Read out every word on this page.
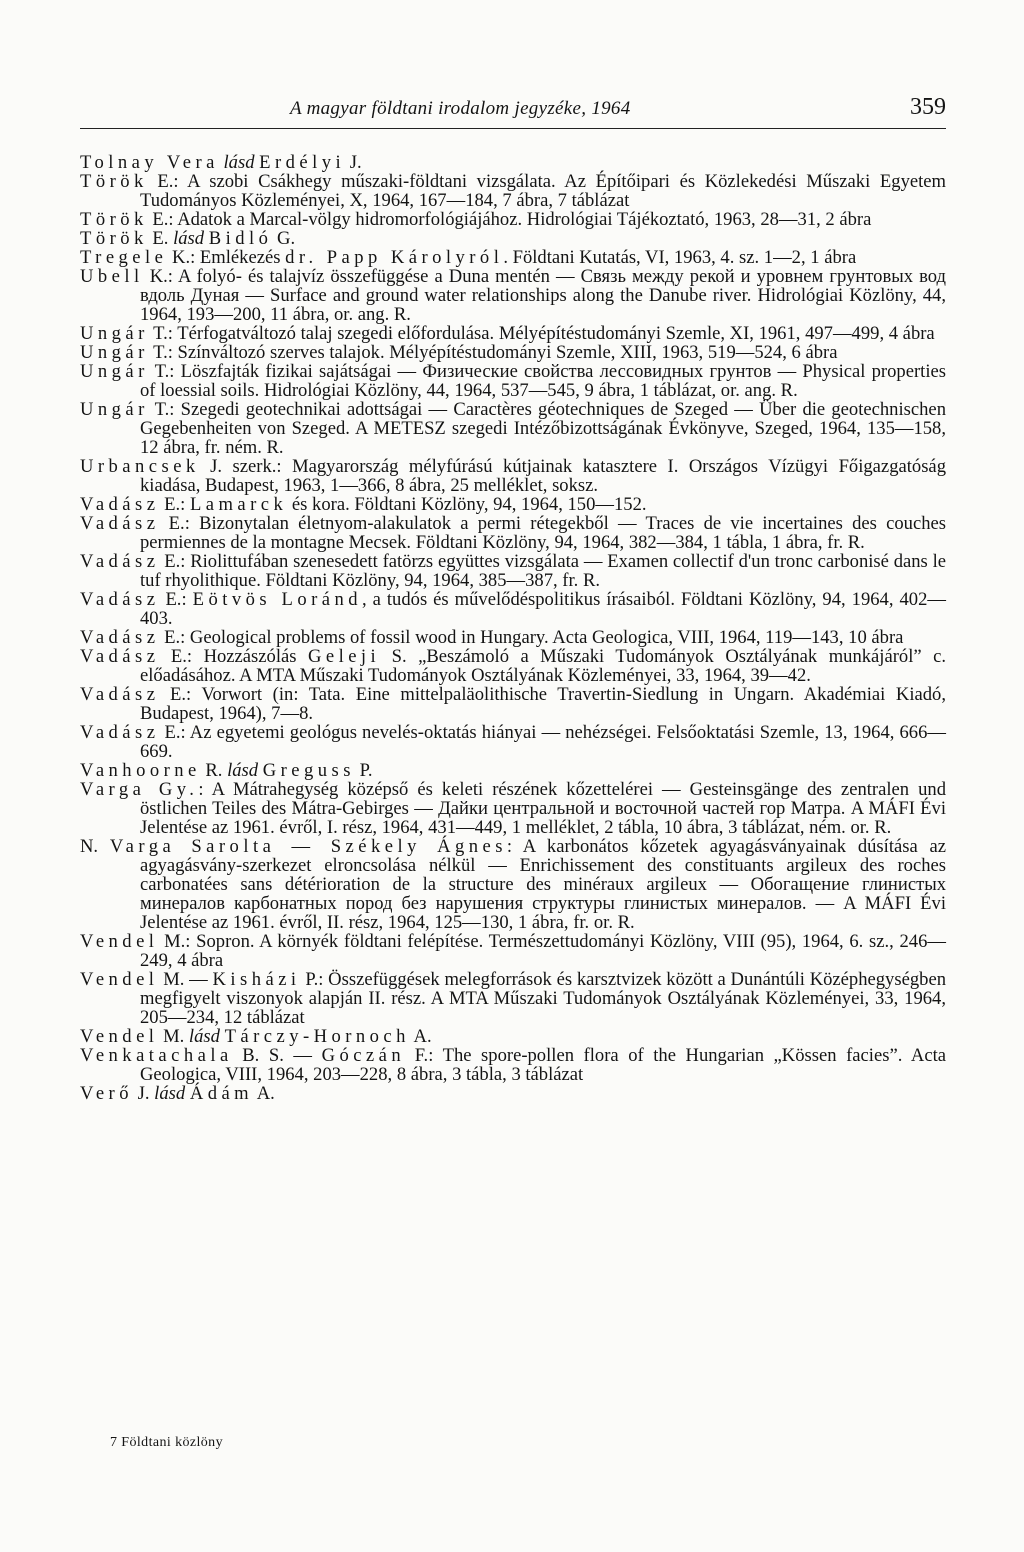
A magyar földtani irodalom jegyzéke, 1964	359
Tolnay Vera lásd Erdélyi J.
Török E.: A szobi Csákhegy műszaki-földtani vizsgálata. Az Építőipari és Közlekedési Műszaki Egyetem Tudományos Közleményei, X, 1964, 167—184, 7 ábra, 7 táblázat
Török E.: Adatok a Marcal-völgy hidromorfológiájához. Hidrológiai Tájékoztató, 1963, 28—31, 2 ábra
Török E. lásd Bidló G.
Tregele K.: Emlékezés dr. Papp Károlyról. Földtani Kutatás, VI, 1963, 4. sz. 1—2, 1 ábra
Ubell K.: A folyó- és talajvíz összefüggése a Duna mentén — Связь между рекой и уровнем грунтовых вод вдоль Дуная — Surface and ground water relationships along the Danube river. Hidrológiai Közlöny, 44, 1964, 193—200, 11 ábra, or. ang. R.
Ungár T.: Térfogatváltozó talaj szegedi előfordulása. Mélyépítéstudományi Szemle, XI, 1961, 497—499, 4 ábra
Ungár T.: Színváltozó szerves talajok. Mélyépítéstudományi Szemle, XIII, 1963, 519—524, 6 ábra
Ungár T.: Löszfajták fizikai sajátságai — Физические свойства лессовидных грунтов — Physical properties of loessial soils. Hidrológiai Közlöny, 44, 1964, 537—545, 9 ábra, 1 táblázat, or. ang. R.
Ungár T.: Szegedi geotechnikai adottságai — Caractères géotechniques de Szeged — Über die geotechnischen Gegebenheiten von Szeged. A METESZ szegedi Intézőbizottságának Évkönyve, Szeged, 1964, 135—158, 12 ábra, fr. ném. R.
Urbancsek J. szerk.: Magyarország mélyfúrású kútjainak katasztere I. Országos Vízügyi Főigazgatóság kiadása, Budapest, 1963, 1—366, 8 ábra, 25 melléklet, soksz.
Vadász E.: Lamarck és kora. Földtani Közlöny, 94, 1964, 150—152.
Vadász E.: Bizonytalan életnyom-alakulatok a permi rétegekből — Traces de vie incertaines des couches permiennes de la montagne Mecsek. Földtani Közlöny, 94, 1964, 382—384, 1 tábla, 1 ábra, fr. R.
Vadász E.: Riolittufában szenesedett fatörzs együttes vizsgálata — Examen collectif d'un tronc carbonisé dans le tuf rhyolithique. Földtani Közlöny, 94, 1964, 385—387, fr. R.
Vadász E.: Eötvös Loránd, a tudós és művelődéspolitikus írásaiból. Földtani Közlöny, 94, 1964, 402—403.
Vadász E.: Geological problems of fossil wood in Hungary. Acta Geologica, VIII, 1964, 119—143, 10 ábra
Vadász E.: Hozzászólás Geleji S. „Beszámoló a Műszaki Tudományok Osztályának munkájáról” c. előadásához. A MTA Műszaki Tudományok Osztályának Közleményei, 33, 1964, 39—42.
Vadász E.: Vorwort (in: Tata. Eine mittelpaläolithische Travertin-Siedlung in Ungarn. Akadémiai Kiadó, Budapest, 1964), 7—8.
Vadász E.: Az egyetemi geológus nevelés-oktatás hiányai — nehézségei. Felsőoktatási Szemle, 13, 1964, 666—669.
Vanhoorne R. lásd Greguss P.
Varga Gy.: A Mátrahegység középső és keleti részének kőzettelérei — Gesteinsgänge des zentralen und östlichen Teiles des Mátra-Gebirges — Дайки центральной и восточной частей гор Матра. A MÁFI Évi Jelentése az 1961. évről, I. rész, 1964, 431—449, 1 melléklet, 2 tábla, 10 ábra, 3 táblázat, ném. or. R.
N. Varga Sarolta — Székely Ágnes: A karbonátos kőzetek agyagásványainak dúsítása az agyagásvány-szerkezet elroncsolása nélkül — Enrichissement des constituants argileux des roches carbonatées sans détérioration de la structure des minéraux argileux — Обогащение глинистых минералов карбонатных пород без нарушения структуры глинистых минералов. — A MÁFI Évi Jelentése az 1961. évről, II. rész, 1964, 125—130, 1 ábra, fr. or. R.
Vendel M.: Sopron. A környék földtani felépítése. Természettudományi Közlöny, VIII (95), 1964, 6. sz., 246—249, 4 ábra
Vendel M. — Kisházi P.: Összefüggések melegforrások és karsztvizek között a Dunántúli Középhegységben megfigyelt viszonyok alapján II. rész. A MTA Műszaki Tudományok Osztályának Közleményei, 33, 1964, 205—234, 12 táblázat
Vendel M. lásd Tárczy-Hornoch A.
Venkatachala B. S. — Góczán F.: The spore-pollen flora of the Hungarian „Kössen facies”. Acta Geologica, VIII, 1964, 203—228, 8 ábra, 3 tábla, 3 táblázat
Verő J. lásd Ádám A.
7 Földtani közlöny
